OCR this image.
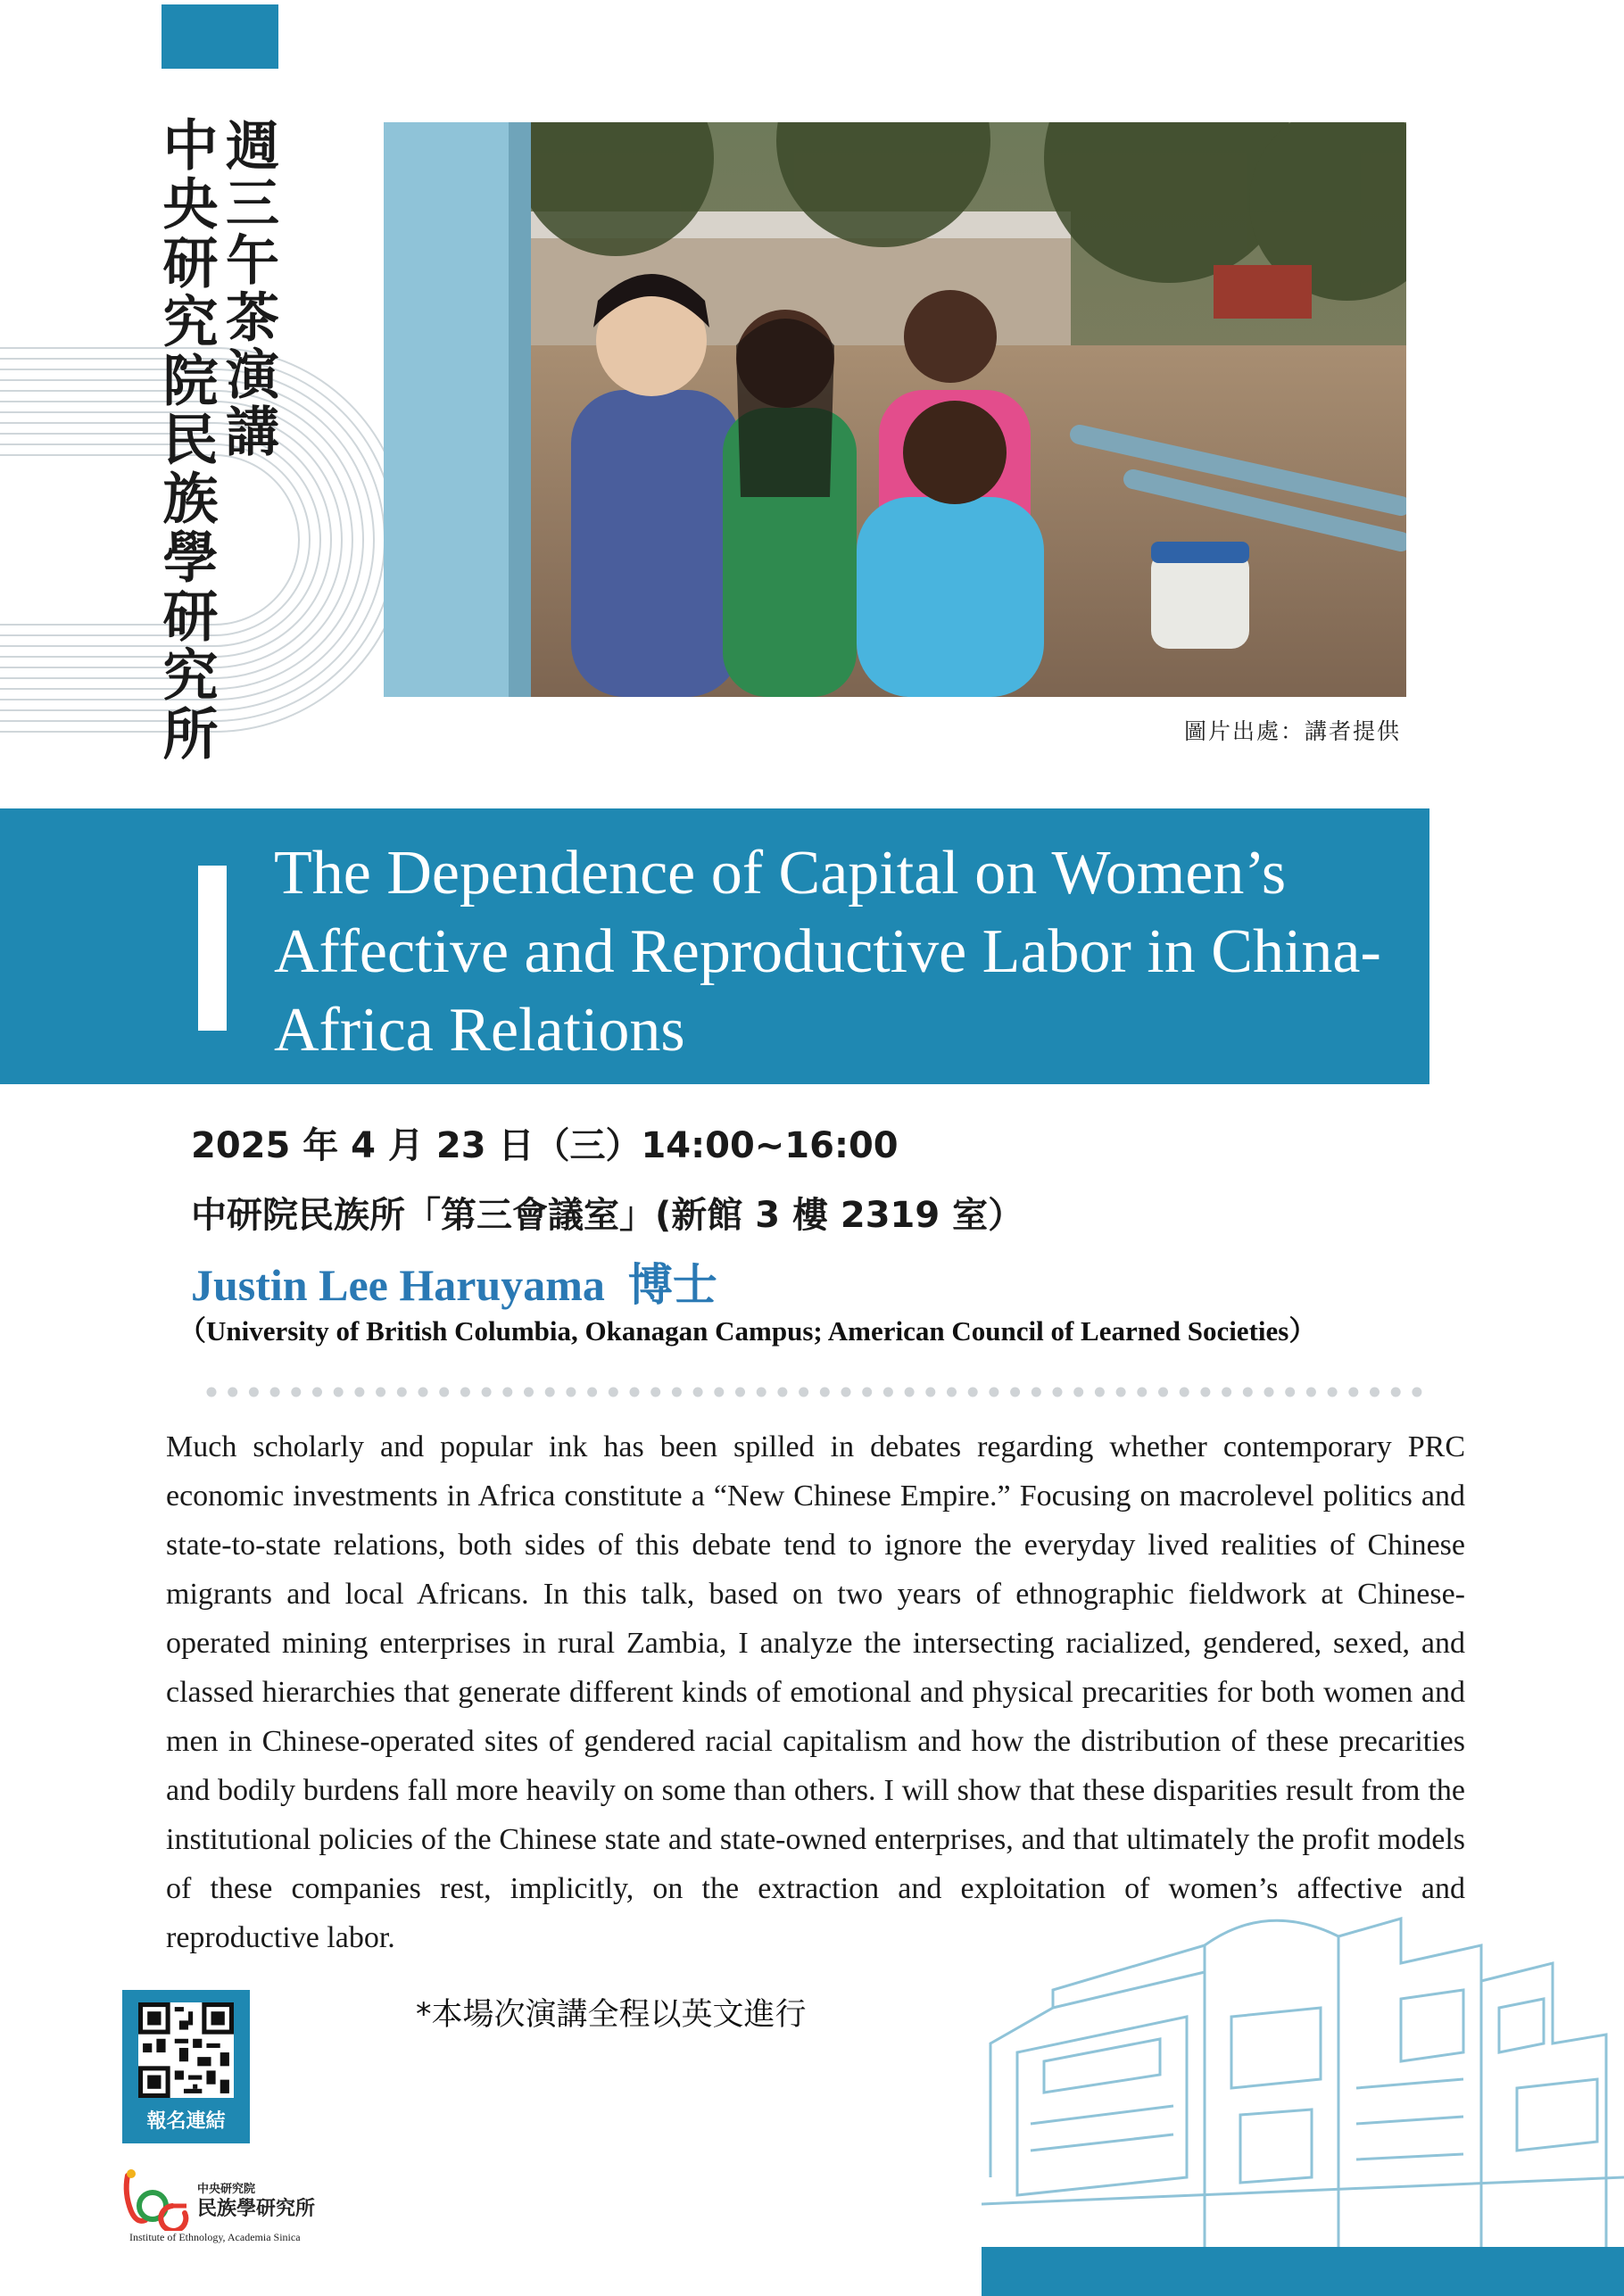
週三午茶演講
中央研究院民族學研究所	圖片出處：講者提供
The Dependence of Capital on Women’s Affective and Reproductive Labor in China-Africa Relations
2025 年 4 月 23 日（三）14:00~16:00
中研院民族所「第三會議室」(新館 3 樓 2319 室）
Justin Lee Haruyama 博士
（University of British Columbia, Okanagan Campus; American Council of Learned Societies）

Much scholarly and popular ink has been spilled in debates regarding whether contemporary PRC economic investments in Africa constitute a “New Chinese Empire.” Focusing on macrolevel politics and state-to-state relations, both sides of this debate tend to ignore the everyday lived realities of Chinese migrants and local Africans. In this talk, based on two years of ethnographic fieldwork at Chinese-operated mining enterprises in rural Zambia, I analyze the intersecting racialized, gendered, sexed, and classed hierarchies that generate different kinds of emotional and physical precarities for both women and men in Chinese-operated sites of gendered racial capitalism and how the distribution of these precarities and bodily burdens fall more heavily on some than others. I will show that these disparities result from the institutional policies of the Chinese state and state-owned enterprises, and that ultimately the profit models of these companies rest, implicitly, on the extraction and exploitation of women’s affective and reproductive labor.

*本場次演講全程以英文進行
報名連結
中央研究院
民族學研究所
Institute of Ethnology, Academia Sinica
